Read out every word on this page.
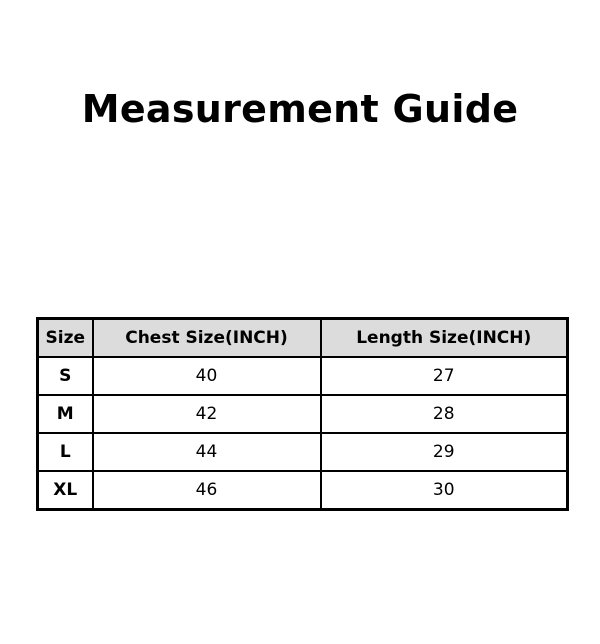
Measurement Guide
Size	Chest Size(INCH)	Length Size(INCH)
S	40	27
M	42	28
L	44	29
XL	46	30
